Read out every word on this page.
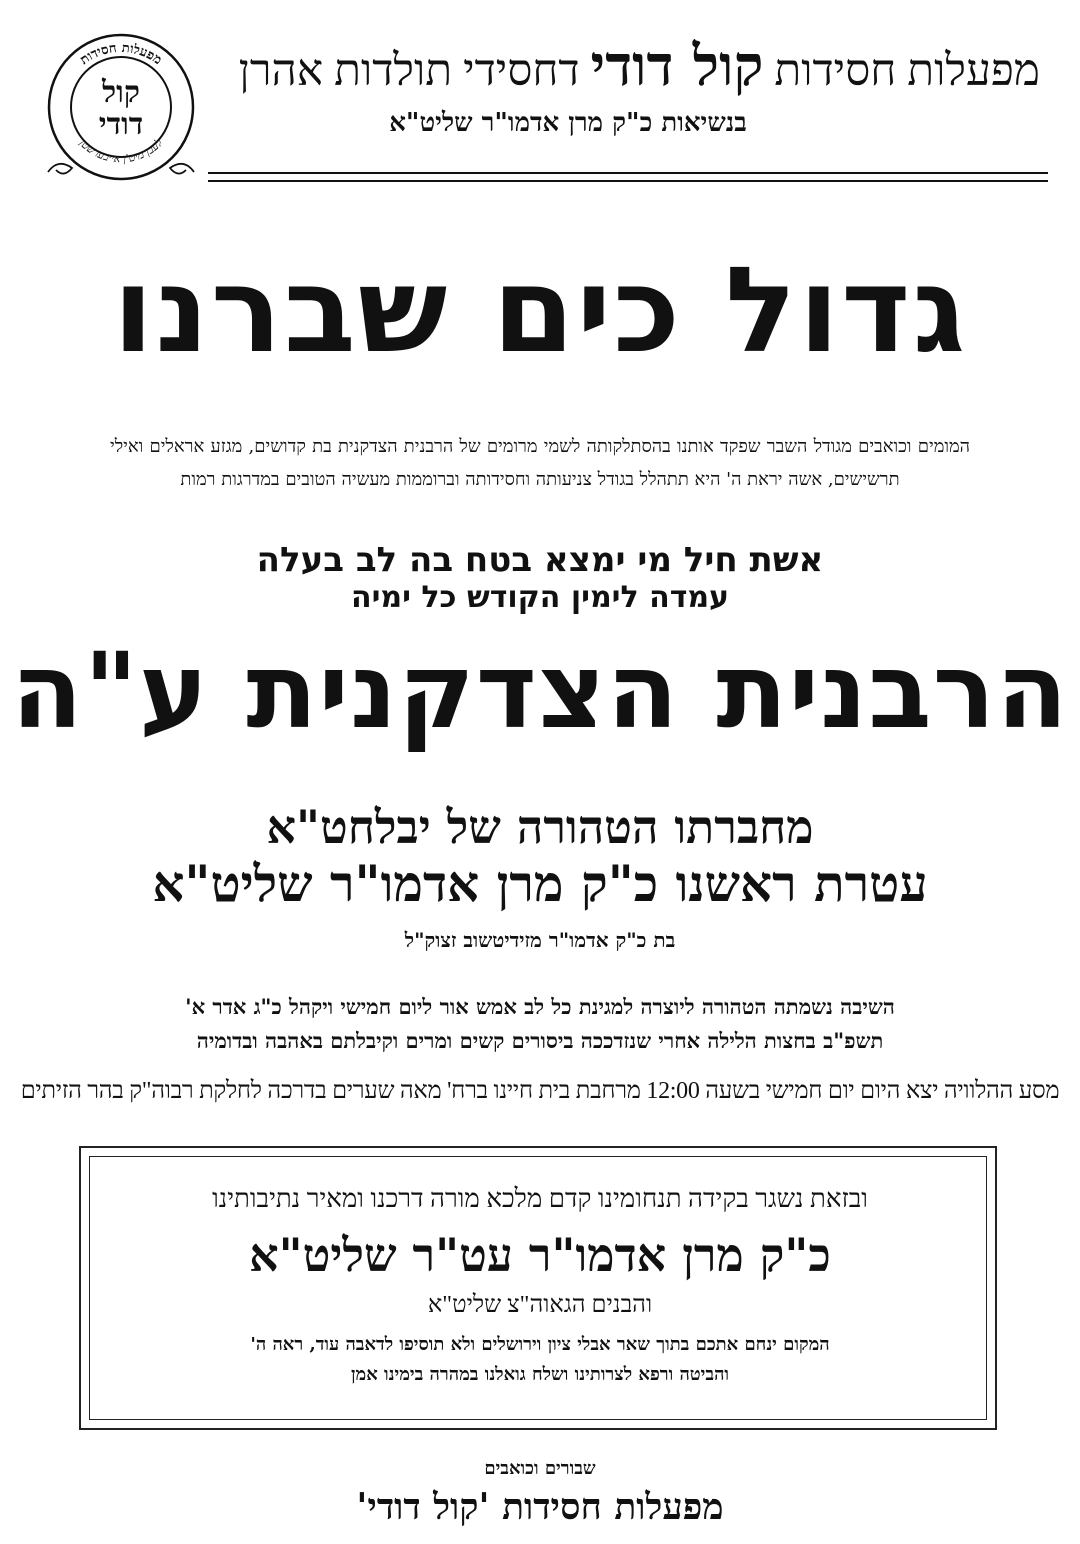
מפעלות חסידות
לעבן מיט'ן אייבערשטן
קול
דודי
מפעלות חסידות קול דודי דחסידי תולדות אהרן
בנשיאות כ"ק מרן אדמו"ר שליט"א
גדול כים שברנו
המומים וכואבים מגודל השבר שפקד אותנו בהסתלקותה לשמי מרומים של הרבנית הצדקנית בת קדושים, מגזע אראלים ואילי תרשישים, אשה יראת ה' היא תתהלל בגודל צניעותה וחסידותה וברוממות מעשיה הטובים במדרגות רמות
אשת חיל מי ימצא בטח בה לב בעלה
עמדה לימין הקודש כל ימיה
הרבנית הצדקנית ע"ה
מחברתו הטהורה של יבלחט"א
עטרת ראשנו כ"ק מרן אדמו"ר שליט"א
בת כ"ק אדמו"ר מזידיטשוב זצוק"ל
השיבה נשמתה הטהורה ליוצרה למגינת כל לב אמש אור ליום חמישי ויקהל כ"ג אדר א'
תשפ"ב בחצות הלילה אחרי שנזדככה ביסורים קשים ומרים וקיבלתם באהבה ובדומיה
מסע ההלוויה יצא היום יום חמישי בשעה 12:00 מרחבת בית חיינו ברח' מאה שערים בדרכה לחלקת רבוה"ק בהר הזיתים
ובזאת נשגר בקידה תנחומינו קדם מלכא מורה דרכנו ומאיר נתיבותינו
כ"ק מרן אדמו"ר עט"ר שליט"א
והבנים הגאוה"צ שליט"א
המקום ינחם אתכם בתוך שאר אבלי ציון וירושלים ולא תוסיפו לדאבה עוד, ראה ה'
והביטה ורפא לצרותינו ושלח גואלנו במהרה בימינו אמן
שבורים וכואבים
מפעלות חסידות 'קול דודי'
